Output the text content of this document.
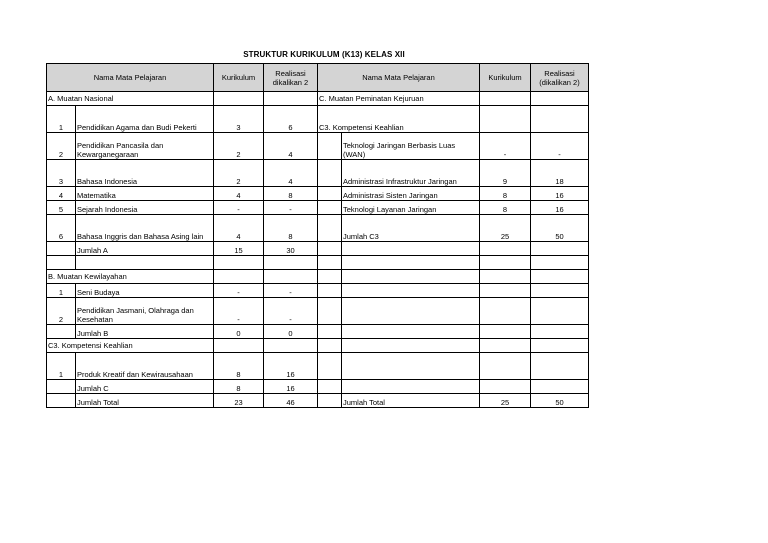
STRUKTUR KURIKULUM (K13) KELAS XII
Nama Mata Pelajaran		Kurikulum	Realisasi dikalikan 2	Nama Mata Pelajaran		Kurikulum	Realisasi (dikalikan 2)
A. Muatan Nasional				C. Muatan Peminatan Kejuruan			
1	Pendidikan Agama dan Budi Pekerti	3	6	C3. Kompetensi Keahlian			
2	Pendidikan Pancasila dan Kewarganegaraan	2	4		Teknologi Jaringan Berbasis Luas (WAN)	-	-
3	Bahasa Indonesia	2	4		Administrasi Infrastruktur Jaringan	9	18
4	Matematika	4	8		Administrasi Sisten Jaringan	8	16
5	Sejarah Indonesia	-	-		Teknologi Layanan Jaringan	8	16
6	Bahasa Inggris dan Bahasa Asing lain	4	8		Jumlah C3	25	50
	Jumlah A	15	30				

B. Muatan Kewilayahan							
1	Seni Budaya	-	-				
2	Pendidikan Jasmani, Olahraga dan Kesehatan	-	-				
	Jumlah B	0	0				
C3. Kompetensi Keahlian							
1	Produk Kreatif dan Kewirausahaan	8	16				
	Jumlah C	8	16				
	Jumlah Total	23	46		Jumlah Total	25	50
